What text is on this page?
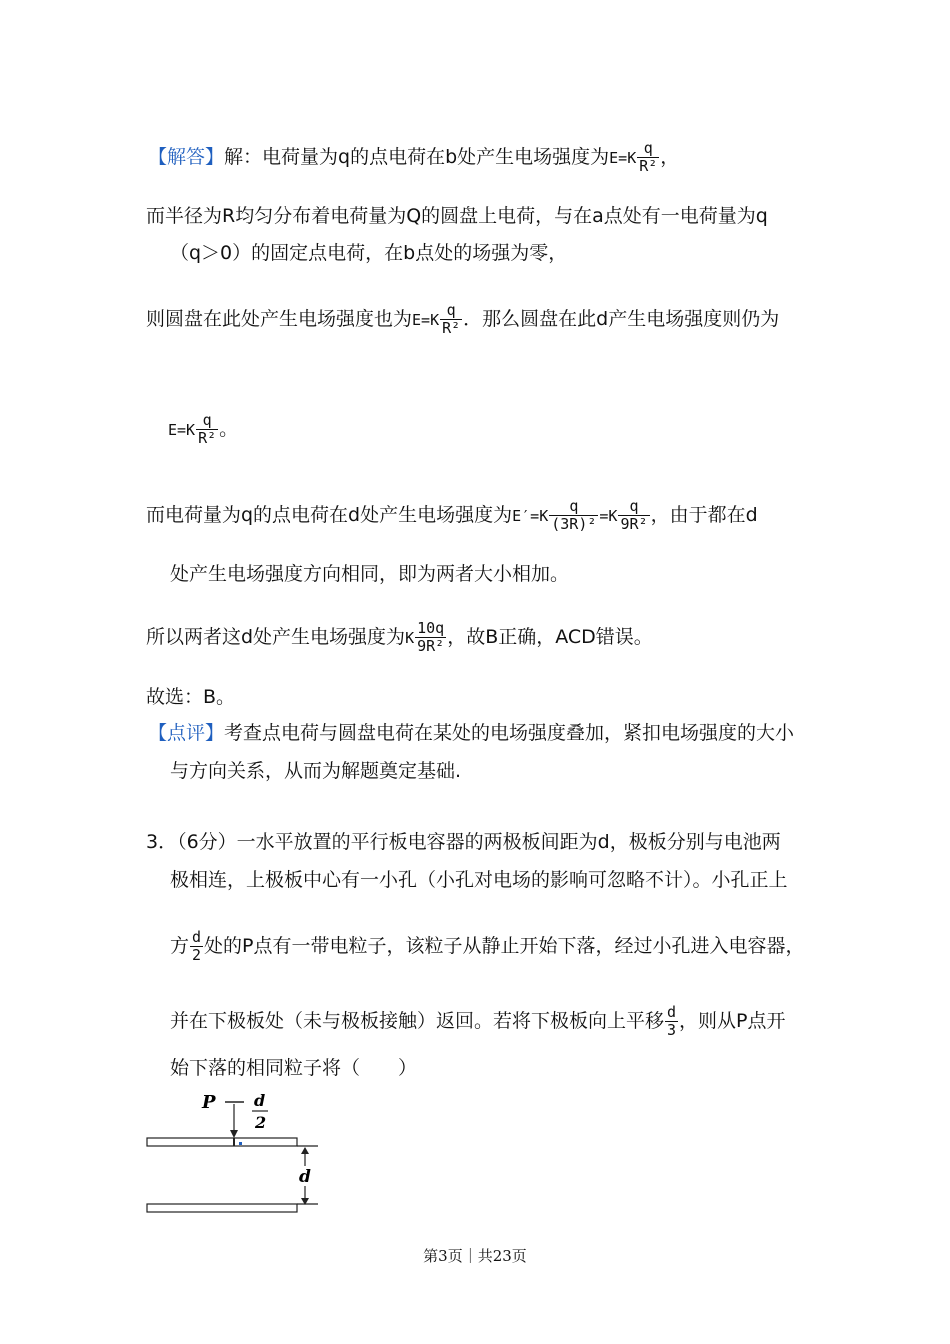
【解答】解：电荷量为q的点电荷在b处产生电场强度为$E=K \frac{q}{\text{R²}}$ ，
而半径为R均匀分布着电荷量为Q的圆盘上电荷，与在a点处有一电荷量为q
（q＞0）的固定点电荷，在b点处的场强为零，
则圆盘在此处产生电场强度也为$E=K \frac{q}{\text{R²}}$ ．那么圆盘在此d产生电场强度则仍为
$E=K \frac{q}{\text{R²}}$ 。
而电荷量为q的点电荷在d处产生电场强度为$E'=K \frac{q}{\text{(3R)²}} =K \frac{q}{\text{9R²}}$ ，由于都在d
处产生电场强度方向相同，即为两者大小相加。
所以两者这d处产生电场强度为K $\frac{10q}{\text{9R²}}$ ，故B正确，ACD错误。
故选：B。
【点评】考查点电荷与圆盘电荷在某处的电场强度叠加，紧扣电场强度的大小
与方向关系，从而为解题奠定基础.
3．（6分）一水平放置的平行板电容器的两极板间距为d，极板分别与电池两
极相连，上极板中心有一小孔（小孔对电场的影响可忽略不计）。小孔正上
方 $\frac{d}{2}$ 处的P点有一带电粒子，该粒子从静止开始下落，经过小孔进入电容器，
并在下极板处（未与极板接触）返回。若将下极板向上平移 $\frac{d}{3}$ ，则从P点开
始下落的相同粒子将（　　）
P d
2
d
第3页｜共23页
